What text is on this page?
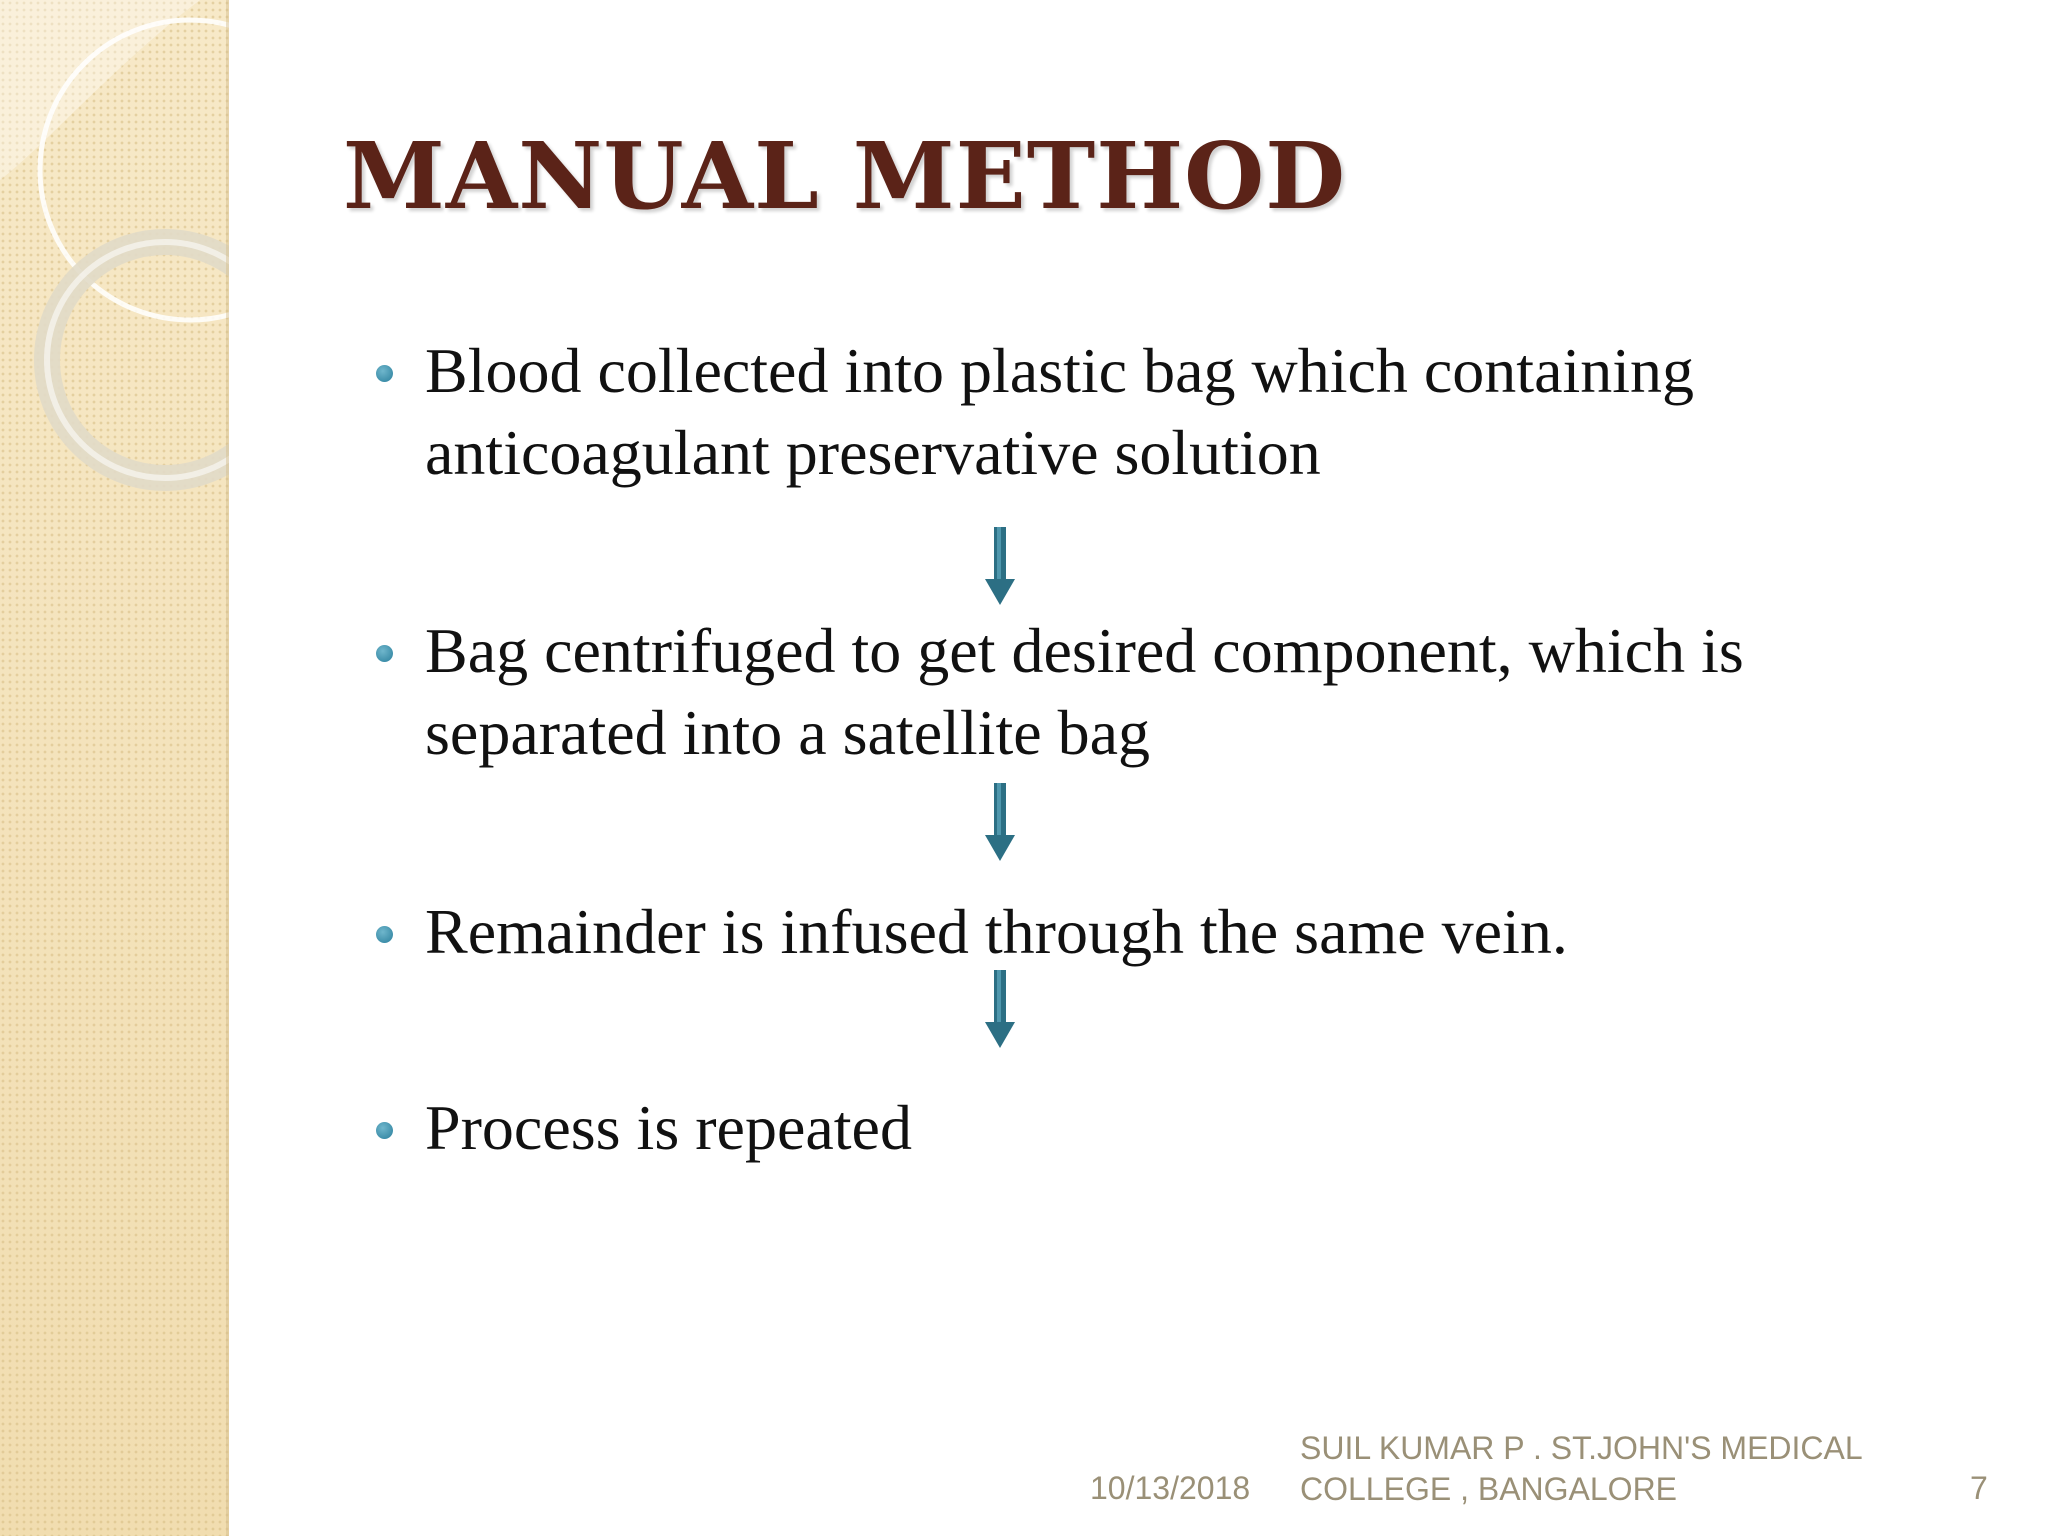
MANUAL METHOD

Blood collected into plastic bag which containing anticoagulant preservative solution

Bag centrifuged to get desired component, which is separated into a satellite bag

Remainder is infused through the same vein.

Process is repeated

10/13/2018
SUIL KUMAR P . ST.JOHN'S MEDICAL COLLEGE , BANGALORE	7
